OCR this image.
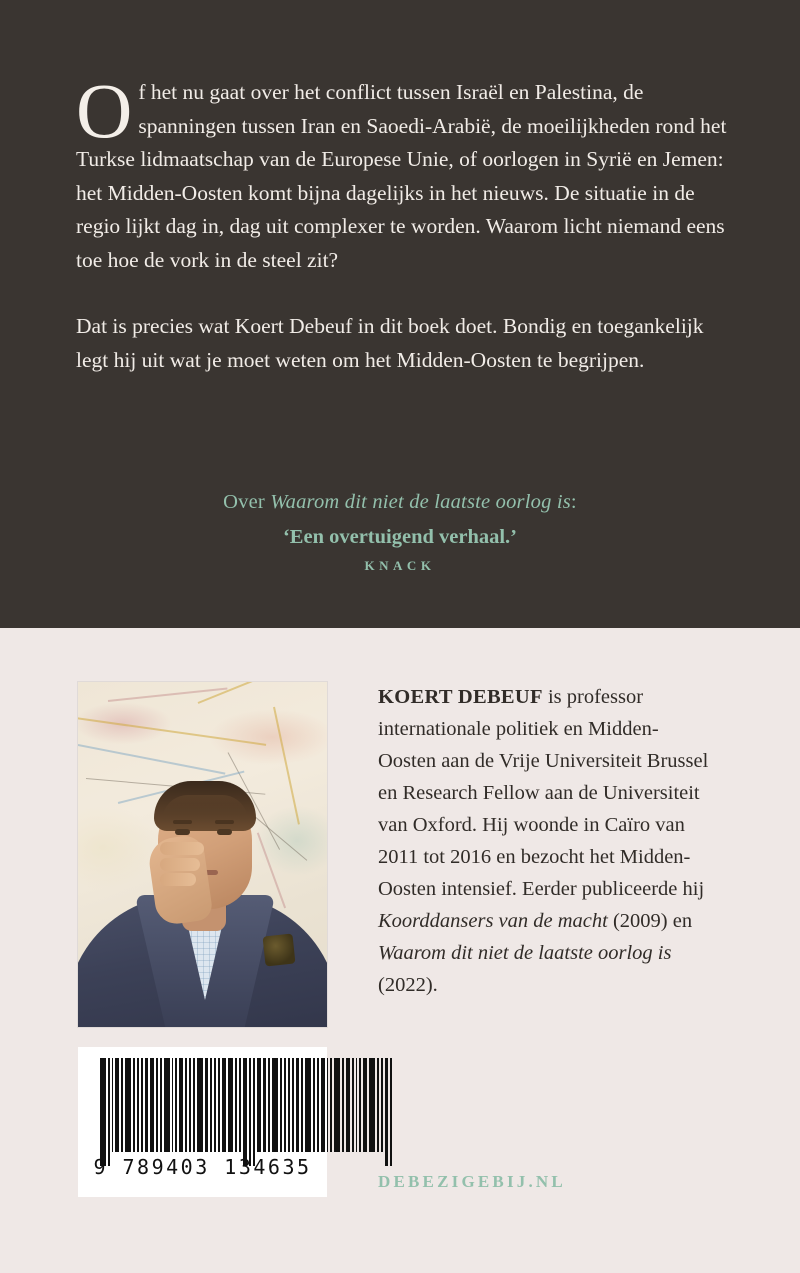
Of het nu gaat over het conflict tussen Israël en Palestina, de spanningen tussen Iran en Saoedi-Arabië, de moeilijkheden rond het Turkse lidmaatschap van de Europese Unie, of oorlogen in Syrië en Jemen: het Midden-Oosten komt bijna dagelijks in het nieuws. De situatie in de regio lijkt dag in, dag uit complexer te worden. Waarom licht niemand eens toe hoe de vork in de steel zit?

Dat is precies wat Koert Debeuf in dit boek doet. Bondig en toegankelijk legt hij uit wat je moet weten om het Midden-Oosten te begrijpen.

Over Waarom dit niet de laatste oorlog is:
‘Een overtuigend verhaal.’
KNACK
KOERT DEBEUF is professor internationale politiek en Midden-Oosten aan de Vrije Universiteit Brussel en Research Fellow aan de Universiteit van Oxford. Hij woonde in Caïro van 2011 tot 2016 en bezocht het Midden-Oosten intensief. Eerder publiceerde hij Koorddansers van de macht (2009) en Waarom dit niet de laatste oorlog is (2022).
9 789403 134635
DEBEZIGEBIJ.NL
